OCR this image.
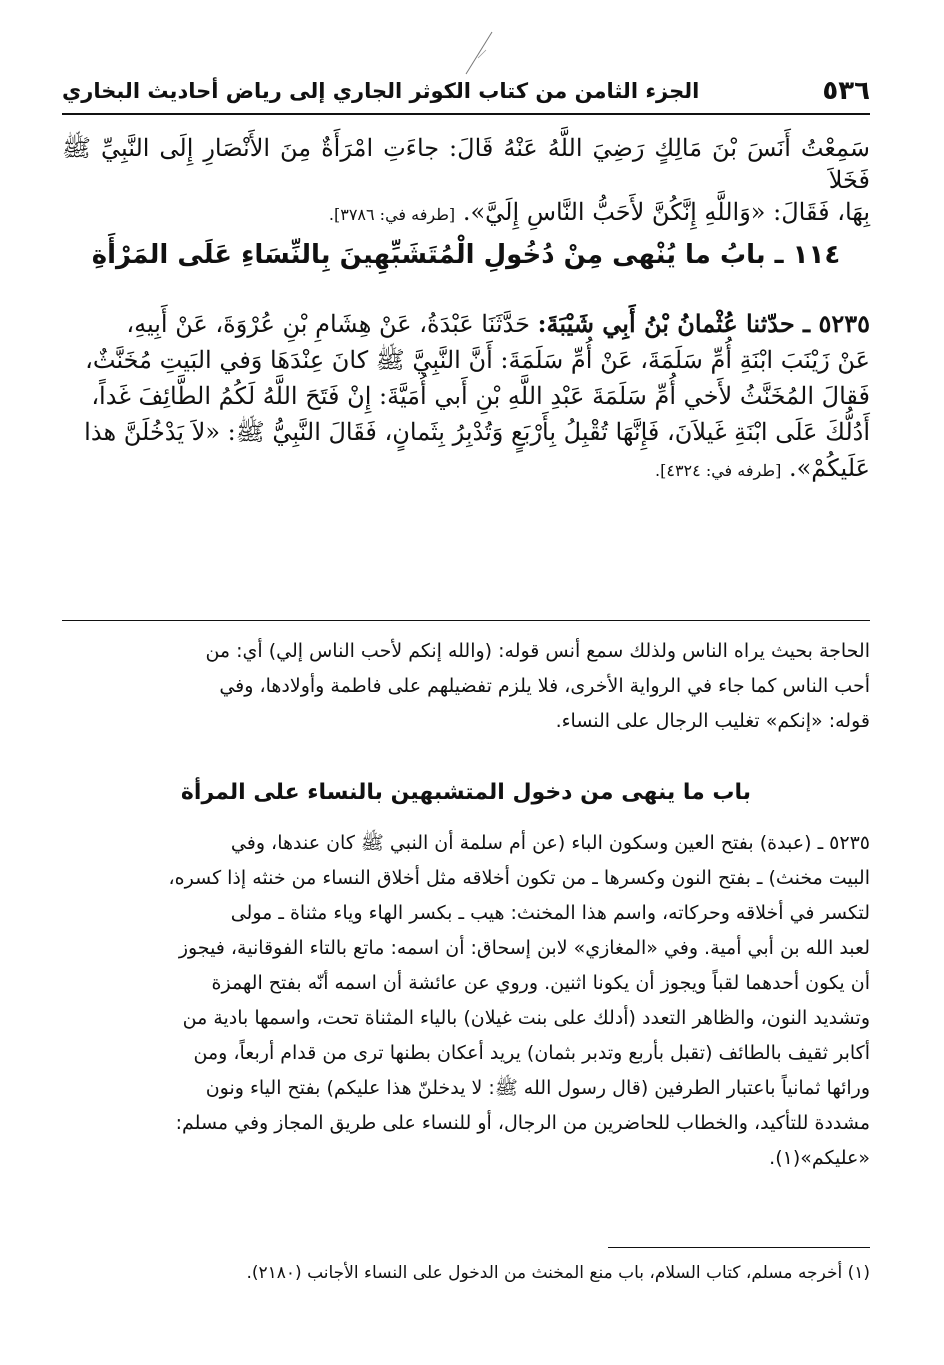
٥٣٦
الجزء الثامن من كتاب الكوثر الجاري إلى رياض أحاديث البخاري

سَمِعْتُ أَنَسَ بْنَ مَالِكٍ رَضِيَ اللَّهُ عَنْهُ قَالَ: جاءَتِ امْرَأَةٌ مِنَ الأَنْصَارِ إِلَى النَّبِيِّ ﷺ فَخَلاَ

بِهَا، فَقَالَ: «وَاللَّهِ إِنَّكُنَّ لأَحَبُّ النَّاسِ إِلَيَّ». [طرفه في: ٣٧٨٦].

١١٤ ـ بابُ ما يُنْهى مِنْ دُخُولِ الْمُتَشَبِّهِينَ بِالنِّسَاءِ عَلَى المَرْأَةِ

٥٢٣٥ ـ حدّثنا عُثْمانُ بْنُ أَبِي شَيْبَةَ: حَدَّثَنَا عَبْدَةُ، عَنْ هِشَامِ بْنِ عُرْوَةَ، عَنْ أَبِيهِ،

عَنْ زَيْنَبَ ابْنَةِ أُمِّ سَلَمَةَ، عَنْ أُمِّ سَلَمَةَ: أَنَّ النَّبِيَّ ﷺ كانَ عِنْدَهَا وَفي البَيتِ مُخَنَّثٌ،

فَقالَ المُخَنَّثُ لأَخي أُمِّ سَلَمَةَ عَبْدِ اللَّهِ بْنِ أَبي أُمَيَّةَ: إِنْ فَتَحَ اللَّهُ لَكُمُ الطَّائِفَ غَداً،

أَدُلُّكَ عَلَى ابْنَةِ غَيلاَنَ، فَإِنَّهَا تُقْبِلُ بِأَرْبَعٍ وَتُدْبِرُ بِثَمانٍ، فَقَالَ النَّبِيُّ ﷺ: «لاَ يَدْخُلَنَّ هذا

عَلَيكُمْ». [طرفه في: ٤٣٢٤].

الحاجة بحيث يراه الناس ولذلك سمع أنس قوله: (والله إنكم لأحب الناس إلي) أي: من
أحب الناس كما جاء في الرواية الأخرى، فلا يلزم تفضيلهم على فاطمة وأولادها، وفي
قوله: «إنكم» تغليب الرجال على النساء.
باب ما ينهى من دخول المتشبهين بالنساء على المرأة
٥٢٣٥ ـ (عبدة) بفتح العين وسكون الباء (عن أم سلمة أن النبي ﷺ كان عندها، وفي
البيت مخنث) ـ بفتح النون وكسرها ـ من تكون أخلاقه مثل أخلاق النساء من خنثه إذا كسره،
لتكسر في أخلاقه وحركاته، واسم هذا المخنث: هيب ـ بكسر الهاء وياء مثناة ـ مولى
لعبد الله بن أبي أمية. وفي «المغازي» لابن إسحاق: أن اسمه: ماتع بالتاء الفوقانية، فيجوز
أن يكون أحدهما لقباً ويجوز أن يكونا اثنين. وروي عن عائشة أن اسمه أنّه بفتح الهمزة
وتشديد النون، والظاهر التعدد (أدلك على بنت غيلان) بالياء المثناة تحت، واسمها بادية من
أكابر ثقيف بالطائف (تقبل بأربع وتدبر بثمان) يريد أعكان بطنها ترى من قدام أربعاً، ومن
ورائها ثمانياً باعتبار الطرفين (قال رسول الله ﷺ: لا يدخلنّ هذا عليكم) بفتح الياء ونون
مشددة للتأكيد، والخطاب للحاضرين من الرجال، أو للنساء على طريق المجاز وفي مسلم:
«عليكم»(١).
(١) أخرجه مسلم، كتاب السلام، باب منع المخنث من الدخول على النساء الأجانب (٢١٨٠).
